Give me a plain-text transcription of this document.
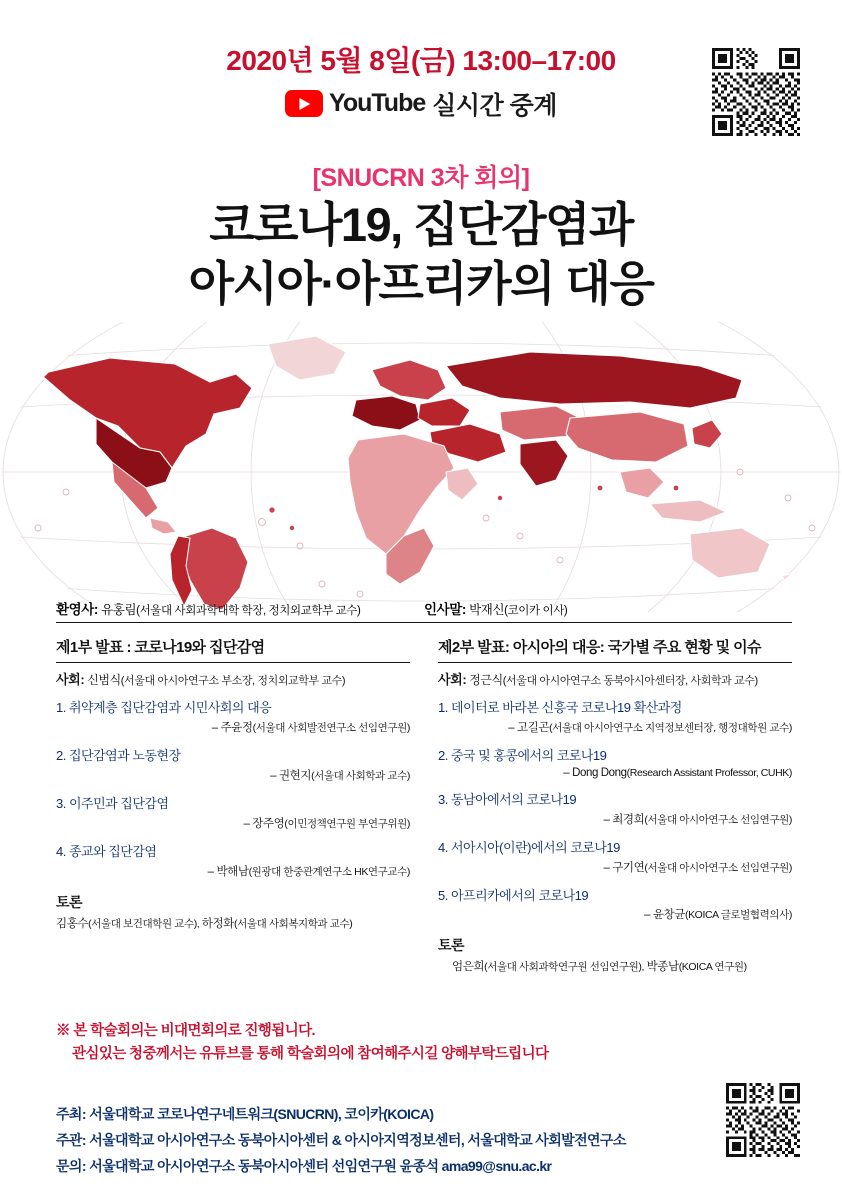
2020년 5월 8일(금) 13:00–17:00
YouTube 실시간 중계
[SNUCRN 3차 회의]
코로나19, 집단감염과
아시아·아프리카의 대응
환영사: 유홍림(서울대 사회과학대학 학장, 정치외교학부 교수)	인사말: 박재신(코이카 이사)
제1부 발표 : 코로나19와 집단감염
사회: 신범식(서울대 아시아연구소 부소장, 정치외교학부 교수)
1. 취약계층 집단감염과 시민사회의 대응
– 주윤정(서울대 사회발전연구소 선임연구원)
2. 집단감염과 노동현장
– 권현지(서울대 사회학과 교수)
3. 이주민과 집단감염
– 장주영(이민정책연구원 부연구위원)
4. 종교와 집단감염
– 박해남(원광대 한중관계연구소 HK연구교수)
토론
김홍수(서울대 보건대학원 교수), 하정화(서울대 사회복지학과 교수)
제2부 발표: 아시아의 대응: 국가별 주요 현황 및 이슈
사회: 정근식(서울대 아시아연구소 동북아시아센터장, 사회학과 교수)
1. 데이터로 바라본 신흥국 코로나19 확산과정
– 고길곤(서울대 아시아연구소 지역정보센터장, 행정대학원 교수)
2. 중국 및 홍콩에서의 코로나19
– Dong Dong(Research Assistant Professor, CUHK)
3. 동남아에서의 코로나19
– 최경희(서울대 아시아연구소 선임연구원)
4. 서아시아(이란)에서의 코로나19
– 구기연(서울대 아시아연구소 선임연구원)
5. 아프리카에서의 코로나19
– 윤창균(KOICA 글로벌협력의사)
토론
엄은희(서울대 사회과학연구원 선임연구원), 박종남(KOICA 연구원)
※ 본 학술회의는 비대면회의로 진행됩니다.
관심있는 청중께서는 유튜브를 통해 학술회의에 참여해주시길 양해부탁드립니다
주최: 서울대학교 코로나연구네트워크(SNUCRN), 코이카(KOICA)
주관: 서울대학교 아시아연구소 동북아시아센터 & 아시아지역정보센터, 서울대학교 사회발전연구소
문의: 서울대학교 아시아연구소 동북아시아센터 선임연구원 윤종석 ama99@snu.ac.kr
